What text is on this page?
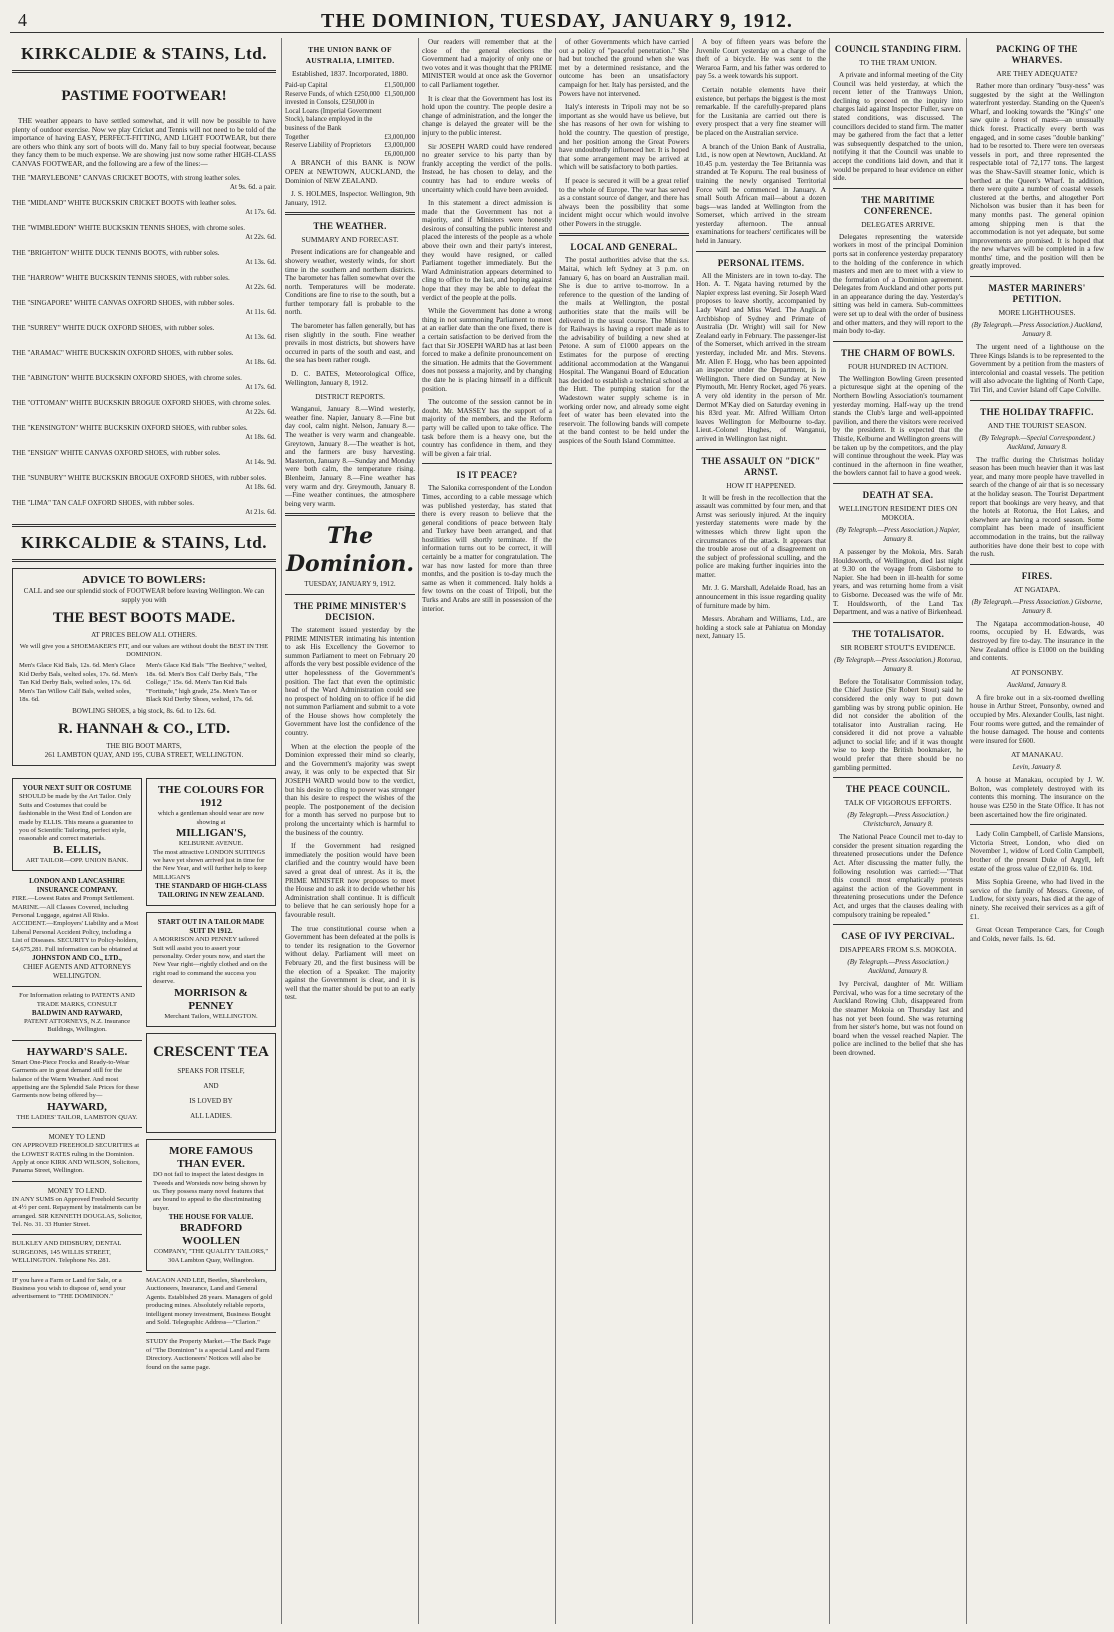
4	THE DOMINION, TUESDAY, JANUARY 9, 1912.
KIRKCALDIE & STAINS, Ltd.
PASTIME FOOTWEAR!

THE weather appears to have settled somewhat, and it will now be possible to have plenty of outdoor exercise. Now we play Cricket and Tennis will not need to be told of the importance of having EASY, PERFECT-FITTING, AND LIGHT FOOTWEAR, but there are others who think any sort of boots will do. Many fail to buy special footwear, because they fancy them to be much expense. We are showing just now some rather HIGH-CLASS CANVAS FOOTWEAR, and the following are a few of the lines:—

THE "MARYLEBONE" CANVAS CRICKET BOOTS, with strong leather soles.
At 9s. 6d. a pair.
THE "MIDLAND" WHITE BUCKSKIN CRICKET BOOTS with leather soles.
At 17s. 6d.
THE "WIMBLEDON" WHITE BUCKSKIN TENNIS SHOES, with chrome soles.
At 22s. 6d.
THE "BRIGHTON" WHITE DUCK TENNIS BOOTS, with rubber soles.
At 13s. 6d.
THE "HARROW" WHITE BUCKSKIN TENNIS SHOES, with rubber soles.
At 22s. 6d.
THE "SINGAPORE" WHITE CANVAS OXFORD SHOES, with rubber soles.
At 11s. 6d.
THE "SURREY" WHITE DUCK OXFORD SHOES, with rubber soles.
At 13s. 6d.
THE "ARAMAC" WHITE BUCKSKIN OXFORD SHOES, with rubber soles.
At 18s. 6d.
THE "ABINGTON" WHITE BUCKSKIN OXFORD SHOES, with chrome soles.
At 17s. 6d.
THE "OTTOMAN" WHITE BUCKSKIN BROGUE OXFORD SHOES, with chrome soles.
At 22s. 6d.
THE "KENSINGTON" WHITE BUCKSKIN OXFORD SHOES, with rubber soles.
At 18s. 6d.
THE "ENSIGN" WHITE CANVAS OXFORD SHOES, with rubber soles.
At 14s. 9d.
THE "SUNBURY" WHITE BUCKSKIN BROGUE OXFORD SHOES, with rubber soles.
At 18s. 6d.
THE "LIMA" TAN CALF OXFORD SHOES, with rubber soles.
At 21s. 6d.
KIRKCALDIE & STAINS, Ltd.
ADVICE TO BOWLERS:
CALL and see our splendid stock of FOOTWEAR before leaving Wellington. We can supply you with
THE BEST BOOTS MADE.
AT PRICES BELOW ALL OTHERS.
We will give you a SHOEMAKER'S FIT, and our values are without doubt the BEST IN THE DOMINION.
Men's Glace Kid Bals, 12s. 6d. Men's Glace Kid Derby Bals, welted soles, 17s. 6d. Men's Tan Kid Derby Bals, welted soles, 17s. 6d. Men's Tan Willow Calf Bals, welted soles, 18s. 6d.
Men's Glace Kid Bals "The Beehive," welted, 18s. 6d. Men's Box Calf Derby Bals, "The College," 15s. 6d. Men's Tan Kid Bals "Fortitude," high grade, 25s. Men's Tan or Black Kid Derby Shoes, welted, 17s. 6d.
BOWLING SHOES, a big stock, 8s. 6d. to 12s. 6d.
R. HANNAH & CO., LTD.
THE BIG BOOT MARTS,
261 LAMBTON QUAY, AND 195, CUBA STREET, WELLINGTON.
YOUR NEXT SUIT OR COSTUME
SHOULD be made by the Art Tailor. Only Suits and Costumes that could be fashionable in the West End of London are made by ELLIS. This means a guarantee to you of Scientific Tailoring, perfect style, reasonable and correct materials.
B. ELLIS,
ART TAILOR—OPP. UNION BANK.
LONDON AND LANCASHIRE INSURANCE COMPANY.
FIRE.—Lowest Rates and Prompt Settlement. MARINE.—All Classes Covered, including Personal Luggage, against All Risks. ACCIDENT.—Employers' Liability and a Most Liberal Personal Accident Policy, including a List of Diseases. SECURITY to Policy-holders, £4,675,281. Full information can be obtained at
JOHNSTON AND CO., LTD.,
CHIEF AGENTS AND ATTORNEYS WELLINGTON.
For Information relating to PATENTS AND TRADE MARKS, CONSULT
BALDWIN AND RAYWARD,
PATENT ATTORNEYS, N.Z. Insurance Buildings, Wellington.
HAYWARD'S SALE.
Smart One-Piece Frocks and Ready-to-Wear Garments are in great demand still for the balance of the Warm Weather. And most appetising are the Splendid Sale Prices for these Garments now being offered by—
HAYWARD,
THE LADIES' TAILOR, LAMBTON QUAY.
MONEY TO LEND
ON APPROVED FREEHOLD SECURITIES at the LOWEST RATES ruling in the Dominion. Apply at once KIRK AND WILSON, Solicitors, Panama Street, Wellington.
MONEY TO LEND.
IN ANY SUMS on Approved Freehold Security at 4½ per cent. Repayment by instalments can be arranged. SIR KENNETH DOUGLAS, Solicitor, Tel. No. 31. 33 Hunter Street.
BULKLEY AND DIDSBURY, DENTAL SURGEONS, 145 WILLIS STREET, WELLINGTON. Telephone No. 281.
IF you have a Farm or Land for Sale, or a Business you wish to dispose of, send your advertisement to "THE DOMINION."
THE COLOURS FOR 1912
which a gentleman should wear are now showing at
MILLIGAN'S,
KELBURNE AVENUE.
The most attractive LONDON SUITINGS we have yet shown arrived just in time for the New Year, and will further help to keep MILLIGAN'S
THE STANDARD OF HIGH-CLASS TAILORING IN NEW ZEALAND.
START OUT IN A TAILOR MADE SUIT IN 1912.
A MORRISON AND PENNEY tailored Suit will assist you to assert your personality. Order yours now, and start the New Year right—rightly clothed and on the right road to command the success you deserve.
MORRISON & PENNEY
Merchant Tailors, WELLINGTON.
CRESCENT TEA
SPEAKS FOR ITSELF,
AND
IS LOVED BY
ALL LADIES.
MORE FAMOUS THAN EVER.
DO not fail to inspect the latest designs in Tweeds and Worsteds now being shown by us. They possess many novel features that are bound to appeal to the discriminating buyer.
THE HOUSE FOR VALUE.
BRADFORD WOOLLEN
COMPANY, "THE QUALITY TAILORS," 30A Lambton Quay, Wellington.
MACAON AND LEE, Beetles, Sharebrokers, Auctioneers, Insurance, Land and General Agents. Established 28 years. Managers of gold producing mines. Absolutely reliable reports, intelligent money investment, Business Bought and Sold. Telegraphic Address—"Clarion."
STUDY the Property Market.—The Back Page of "The Dominion" is a special Land and Farm Directory. Auctioneers' Notices will also be found on the same page.
THE UNION BANK OF AUSTRALIA, LIMITED.
Established, 1837. Incorporated, 1880.
Paid-up Capital	£1,500,000
Reserve Funds, of which £250,000 invested in Consols, £250,000 in Local Loans (Imperial Government Stock), balance employed in the business of the Bank	£1,500,000
Together	£3,000,000
Reserve Liability of Proprietors	£3,000,000
	£6,000,000

A BRANCH of this BANK is NOW OPEN at NEWTOWN, AUCKLAND, the Dominion of NEW ZEALAND.

J. S. HOLMES, Inspector. Wellington, 9th January, 1912.

THE WEATHER.
SUMMARY AND FORECAST.

Present indications are for changeable and showery weather, westerly winds, for short time in the southern and northern districts. The barometer has fallen somewhat over the north. Temperatures will be moderate. Conditions are fine to rise to the south, but a further temporary fall is probable to the north.

The barometer has fallen generally, but has risen slightly in the south. Fine weather prevails in most districts, but showers have occurred in parts of the south and east, and the sea has been rather rough.

D. C. BATES, Meteorological Office, Wellington, January 8, 1912.

DISTRICT REPORTS.

Wanganui, January 8.—Wind westerly, weather fine. Napier, January 8.—Fine but day cool, calm night. Nelson, January 8.—The weather is very warm and changeable. Greytown, January 8.—The weather is hot, and the farmers are busy harvesting. Masterton, January 8.—Sunday and Monday were both calm, the temperature rising. Blenheim, January 8.—Fine weather has very warm and dry. Greymouth, January 8.—Fine weather continues, the atmosphere being very warm.

The Dominion.
TUESDAY, JANUARY 9, 1912.
THE PRIME MINISTER'S DECISION.

The statement issued yesterday by the PRIME MINISTER intimating his intention to ask His Excellency the Governor to summon Parliament to meet on February 20 affords the very best possible evidence of the utter hopelessness of the Government's position. The fact that even the optimistic head of the Ward Administration could see no prospect of holding on to office if he did not summon Parliament and submit to a vote of the House shows how completely the Government have lost the confidence of the country.

When at the election the people of the Dominion expressed their mind so clearly, and the Government's majority was swept away, it was only to be expected that Sir JOSEPH WARD would bow to the verdict, but his desire to cling to power was stronger than his desire to respect the wishes of the people. The postponement of the decision for a month has served no purpose but to prolong the uncertainty which is harmful to the business of the country.

If the Government had resigned immediately the position would have been clarified and the country would have been saved a great deal of unrest. As it is, the PRIME MINISTER now proposes to meet the House and to ask it to decide whether his Administration shall continue. It is difficult to believe that he can seriously hope for a favourable result.

The true constitutional course when a Government has been defeated at the polls is to tender its resignation to the Governor without delay. Parliament will meet on February 20, and the first business will be the election of a Speaker. The majority against the Government is clear, and it is well that the matter should be put to an early test.

Our readers will remember that at the close of the general elections the Government had a majority of only one or two votes and it was thought that the PRIME MINISTER would at once ask the Governor to call Parliament together.

It is clear that the Government has lost its hold upon the country. The people desire a change of administration, and the longer the change is delayed the greater will be the injury to the public interest.

Sir JOSEPH WARD could have rendered no greater service to his party than by frankly accepting the verdict of the polls. Instead, he has chosen to delay, and the country has had to endure weeks of uncertainty which could have been avoided.

In this statement a direct admission is made that the Government has not a majority, and if Ministers were honestly desirous of consulting the public interest and placed the interests of the people as a whole above their own and their party's interest, they would have resigned, or called Parliament together immediately. But the Ward Administration appears determined to cling to office to the last, and hoping against hope that they may be able to defeat the verdict of the people at the polls.

While the Government has done a wrong thing in not summoning Parliament to meet at an earlier date than the one fixed, there is a certain satisfaction to be derived from the fact that Sir JOSEPH WARD has at last been forced to make a definite pronouncement on the situation. He admits that the Government does not possess a majority, and by changing the date he is placing himself in a difficult position.

The outcome of the session cannot be in doubt. Mr. MASSEY has the support of a majority of the members, and the Reform party will be called upon to take office. The task before them is a heavy one, but the country has confidence in them, and they will be given a fair trial.

IS IT PEACE?

The Salonika correspondent of the London Times, according to a cable message which was published yesterday, has stated that there is every reason to believe that the general conditions of peace between Italy and Turkey have been arranged, and that hostilities will shortly terminate. If the information turns out to be correct, it will certainly be a matter for congratulation. The war has now lasted for more than three months, and the position is to-day much the same as when it commenced. Italy holds a few towns on the coast of Tripoli, but the Turks and Arabs are still in possession of the interior.

of other Governments which have carried out a policy of "peaceful penetration." She had but touched the ground when she was met by a determined resistance, and the outcome has been an unsatisfactory campaign for her. Italy has persisted, and the Powers have not intervened.

Italy's interests in Tripoli may not be so important as she would have us believe, but she has reasons of her own for wishing to hold the country. The question of prestige, and her position among the Great Powers have undoubtedly influenced her. It is hoped that some arrangement may be arrived at which will be satisfactory to both parties.

If peace is secured it will be a great relief to the whole of Europe. The war has served as a constant source of danger, and there has always been the possibility that some incident might occur which would involve other Powers in the struggle.

LOCAL AND GENERAL.

The postal authorities advise that the s.s. Maitai, which left Sydney at 3 p.m. on January 6, has on board an Australian mail. She is due to arrive to-morrow. In a reference to the question of the landing of the mails at Wellington, the postal authorities state that the mails will be delivered in the usual course. The Minister for Railways is having a report made as to the advisability of building a new shed at Petone. A sum of £1000 appears on the Estimates for the purpose of erecting additional accommodation at the Wanganui Hospital. The Wanganui Board of Education has decided to establish a technical school at the Hutt. The pumping station for the Wadestown water supply scheme is in working order now, and already some eight feet of water has been elevated into the reservoir. The following bands will compete at the band contest to be held under the auspices of the South Island Committee.

A boy of fifteen years was before the Juvenile Court yesterday on a charge of the theft of a bicycle. He was sent to the Weraroa Farm, and his father was ordered to pay 5s. a week towards his support.

Certain notable elements have their existence, but perhaps the biggest is the most remarkable. If the carefully-prepared plans for the Lusitania are carried out there is every prospect that a very fine steamer will be placed on the Australian service.

A branch of the Union Bank of Australia, Ltd., is now open at Newtown, Auckland. At 10.45 p.m. yesterday the Tee Britannia was stranded at Te Kopuru. The real business of training the newly organised Territorial Force will be commenced in January. A small South African mail—about a dozen bags—was landed at Wellington from the Somerset, which arrived in the stream yesterday afternoon. The annual examinations for teachers' certificates will be held in January.

PERSONAL ITEMS.

All the Ministers are in town to-day. The Hon. A. T. Ngata having returned by the Napier express last evening. Sir Joseph Ward proposes to leave shortly, accompanied by Lady Ward and Miss Ward. The Anglican Archbishop of Sydney and Primate of Australia (Dr. Wright) will sail for New Zealand early in February. The passenger-list of the Somerset, which arrived in the stream yesterday, included Mr. and Mrs. Stevens. Mr. Allen F. Hogg, who has been appointed an inspector under the Department, is in Wellington. There died on Sunday at New Plymouth, Mr. Henry Rocket, aged 76 years. A very old identity in the person of Mr. Dermot M'Kay died on Saturday evening in his 83rd year. Mr. Alfred William Orton leaves Wellington for Melbourne to-day. Lieut.-Colonel Hughes, of Wanganui, arrived in Wellington last night.

THE ASSAULT ON "DICK" ARNST.
HOW IT HAPPENED.

It will be fresh in the recollection that the assault was committed by four men, and that Arnst was seriously injured. At the inquiry yesterday statements were made by the witnesses which threw light upon the circumstances of the attack. It appears that the trouble arose out of a disagreement on the subject of professional sculling, and the police are making further inquiries into the matter.

Mr. J. G. Marshall, Adelaide Road, has an announcement in this issue regarding quality of furniture made by him.

Messrs. Abraham and Williams, Ltd., are holding a stock sale at Pahiatua on Monday next, January 15.

COUNCIL STANDING FIRM.
TO THE TRAM UNION.

A private and informal meeting of the City Council was held yesterday, at which the recent letter of the Tramways Union, declining to proceed on the inquiry into charges laid against Inspector Fuller, save on stated conditions, was discussed. The councillors decided to stand firm. The matter may be gathered from the fact that a letter was subsequently despatched to the union, notifying it that the Council was unable to accept the conditions laid down, and that it would be prepared to hear evidence on either side.

THE MARITIME CONFERENCE.
DELEGATES ARRIVE.

Delegates representing the waterside workers in most of the principal Dominion ports sat in conference yesterday preparatory to the holding of the conference in which masters and men are to meet with a view to the formulation of a Dominion agreement. Delegates from Auckland and other ports put in an appearance during the day. Yesterday's sitting was held in camera. Sub-committees were set up to deal with the order of business and other matters, and they will report to the main body to-day.

THE CHARM OF BOWLS.
FOUR HUNDRED IN ACTION.

The Wellington Bowling Green presented a picturesque sight at the opening of the Northern Bowling Association's tournament yesterday morning. Half-way up the trend stands the Club's large and well-appointed pavilion, and there the visitors were received by the president. It is expected that the Thistle, Kelburne and Wellington greens will be taken up by the competitors, and the play will continue throughout the week. Play was continued in the afternoon in fine weather, the bowlers cannot fail to have a good week.

DEATH AT SEA.
WELLINGTON RESIDENT DIES ON MOKOIA.
(By Telegraph.—Press Association.) Napier, January 8.

A passenger by the Mokoia, Mrs. Sarah Houldsworth, of Wellington, died last night at 9.30 on the voyage from Gisborne to Napier. She had been in ill-health for some years, and was returning home from a visit to Gisborne. Deceased was the wife of Mr. T. Houldsworth, of the Land Tax Department, and was a native of Birkenhead.

THE TOTALISATOR.
SIR ROBERT STOUT'S EVIDENCE.
(By Telegraph.—Press Association.) Rotorua, January 8.

Before the Totalisator Commission today, the Chief Justice (Sir Robert Stout) said he considered the only way to put down gambling was by strong public opinion. He did not consider the abolition of the totalisator into Australian racing. He considered it did not prove a valuable adjunct to social life; and if it was thought wise to keep the British bookmaker, he would prefer that there should be no gambling permitted.

THE PEACE COUNCIL.
TALK OF VIGOROUS EFFORTS.
(By Telegraph.—Press Association.) Christchurch, January 8.

The National Peace Council met to-day to consider the present situation regarding the threatened prosecutions under the Defence Act. After discussing the matter fully, the following resolution was carried:—"That this council most emphatically protests against the action of the Government in threatening prosecutions under the Defence Act, and urges that the clauses dealing with compulsory training be repealed."

CASE OF IVY PERCIVAL.
DISAPPEARS FROM S.S. MOKOIA.
(By Telegraph.—Press Association.) Auckland, January 8.

Ivy Percival, daughter of Mr. William Percival, who was for a time secretary of the Auckland Rowing Club, disappeared from the steamer Mokoia on Thursday last and has not yet been found. She was returning from her sister's home, but was not found on board when the vessel reached Napier. The police are inclined to the belief that she has been drowned.

PACKING OF THE WHARVES.
ARE THEY ADEQUATE?

Rather more than ordinary "busy-ness" was suggested by the sight at the Wellington waterfront yesterday. Standing on the Queen's Wharf, and looking towards the "King's" one saw quite a forest of masts—an unusually thick forest. Practically every berth was engaged, and in some cases "double banking" had to be resorted to. There were ten overseas vessels in port, and three represented the respectable total of 72,177 tons. The largest was the Shaw-Savill steamer Ionic, which is berthed at the Queen's Wharf. In addition, there were quite a number of coastal vessels clustered at the berths, and altogether Port Nicholson was busier than it has been for many months past. The general opinion among shipping men is that the accommodation is not yet adequate, but some improvements are promised. It is hoped that the new wharves will be completed in a few months' time, and the position will then be greatly improved.

MASTER MARINERS' PETITION.
MORE LIGHTHOUSES.
(By Telegraph.—Press Association.) Auckland, January 8.

The urgent need of a lighthouse on the Three Kings Islands is to be represented to the Government by a petition from the masters of intercolonial and coastal vessels. The petition will also advocate the lighting of North Cape, Tiri Tiri, and Cuvier Island off Cape Colville.

THE HOLIDAY TRAFFIC.
AND THE TOURIST SEASON.
(By Telegraph.—Special Correspondent.) Auckland, January 8.

The traffic during the Christmas holiday season has been much heavier than it was last year, and many more people have travelled in search of the change of air that is so necessary at the holiday season. The Tourist Department report that bookings are very heavy, and that the hotels at Rotorua, the Hot Lakes, and elsewhere are having a record season. Some complaint has been made of insufficient accommodation in the trains, but the railway authorities have done their best to cope with the rush.

FIRES.
AT NGATAPA.
(By Telegraph.—Press Association.) Gisborne, January 8.

The Ngatapa accommodation-house, 40 rooms, occupied by H. Edwards, was destroyed by fire to-day. The insurance in the New Zealand office is £1000 on the building and contents.

AT PONSONBY.
Auckland, January 8.

A fire broke out in a six-roomed dwelling house in Arthur Street, Ponsonby, owned and occupied by Mrs. Alexander Coulls, last night. Four rooms were gutted, and the remainder of the house damaged. The house and contents were insured for £600.

AT MANAKAU.
Levin, January 8.

A house at Manakau, occupied by J. W. Bolton, was completely destroyed with its contents this morning. The insurance on the house was £250 in the State Office. It has not been ascertained how the fire originated.

Lady Colin Campbell, of Carlisle Mansions, Victoria Street, London, who died on November 1, widow of Lord Colin Campbell, brother of the present Duke of Argyll, left estate of the gross value of £2,010 6s. 10d.

Miss Sophia Greene, who had lived in the service of the family of Messrs. Greene, of Ludlow, for sixty years, has died at the age of ninety. She received their services as a gift of £1.

Great Ocean Temperance Cars, for Cough and Colds, never fails. 1s. 6d.
